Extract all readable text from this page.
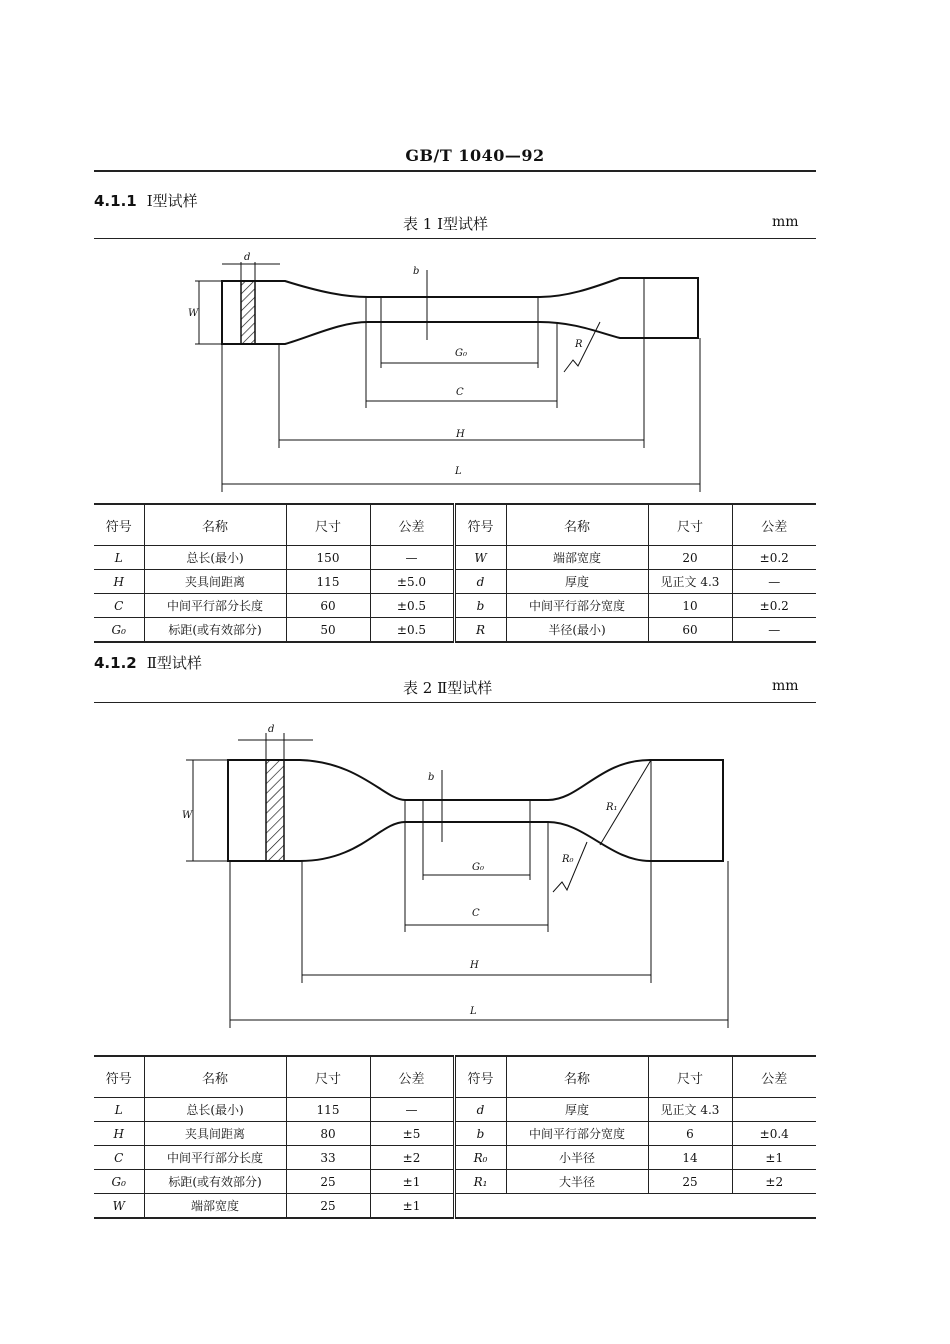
GB/T 1040—92
4.1.1 Ⅰ型试样
表 1 Ⅰ型试样	mm
d
W
b
G₀
R
C
H
L
符号	名称	尺寸	公差	符号	名称	尺寸	公差
L	总长(最小)	150	—	W	端部宽度	20	±0.2
H	夹具间距离	115	±5.0	d	厚度	见正文 4.3	—
C	中间平行部分长度	60	±0.5	b	中间平行部分宽度	10	±0.2
G₀	标距(或有效部分)	50	±0.5	R	半径(最小)	60	—
4.1.2 Ⅱ型试样
表 2 Ⅱ型试样	mm
d
W
b
G₀
R₁
R₀
C
H
L
符号	名称	尺寸	公差	符号	名称	尺寸	公差
L	总长(最小)	115	—	d	厚度	见正文 4.3	
H	夹具间距离	80	±5	b	中间平行部分宽度	6	±0.4
C	中间平行部分长度	33	±2	R₀	小半径	14	±1
G₀	标距(或有效部分)	25	±1	R₁	大半径	25	±2
W	端部宽度	25	±1				
